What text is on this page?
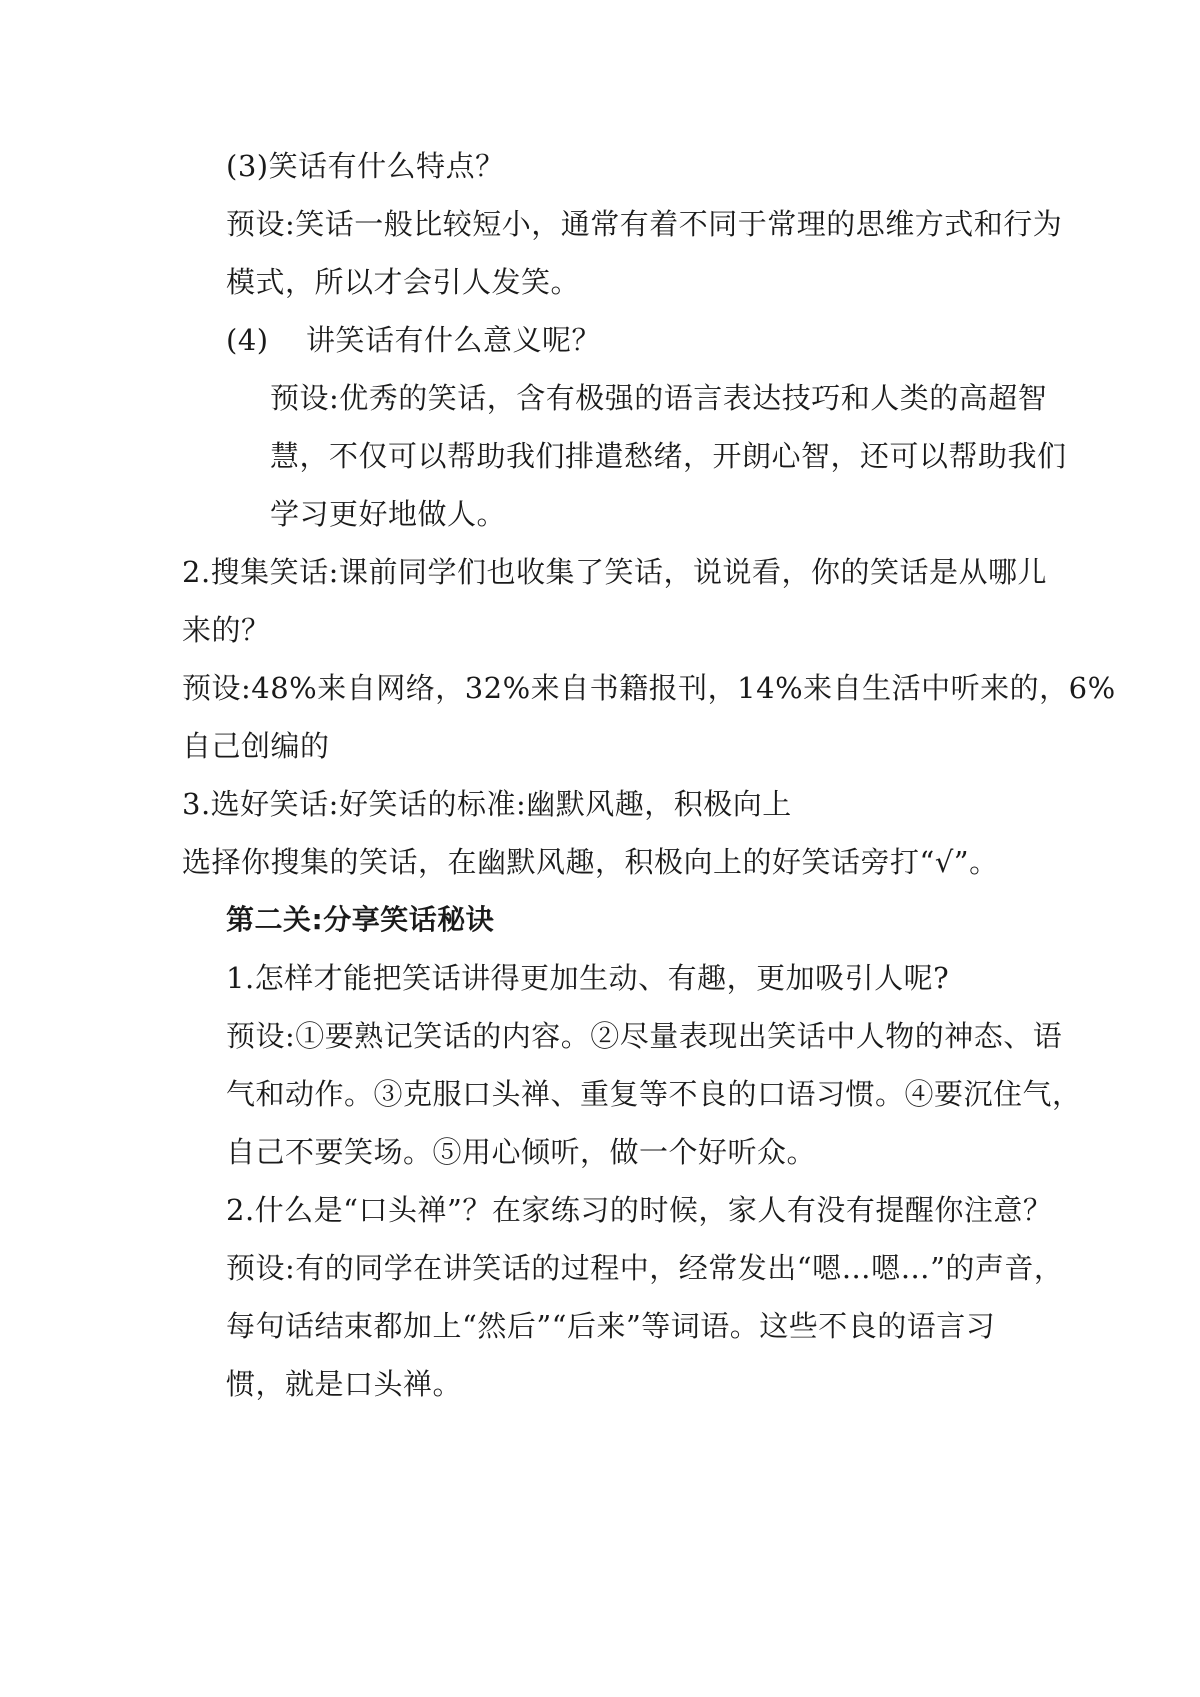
(3)笑话有什么特点？
预设:笑话一般比较短小，通常有着不同于常理的思维方式和行为
模式，所以才会引人发笑。
(4) 讲笑话有什么意义呢？
预设:优秀的笑话，含有极强的语言表达技巧和人类的高超智
慧，不仅可以帮助我们排遣愁绪，开朗心智，还可以帮助我们
学习更好地做人。
2.搜集笑话:课前同学们也收集了笑话，说说看，你的笑话是从哪儿
来的？
预设:48%来自网络，32%来自书籍报刊，14%来自生活中听来的，6%
自己创编的
3.选好笑话:好笑话的标准:幽默风趣，积极向上
选择你搜集的笑话，在幽默风趣，积极向上的好笑话旁打“√”。
第二关:分享笑话秘诀
1.怎样才能把笑话讲得更加生动、有趣，更加吸引人呢?
预设:①要熟记笑话的内容。②尽量表现出笑话中人物的神态、语
气和动作。③克服口头禅、重复等不良的口语习惯。④要沉住气，
自己不要笑场。⑤用心倾听，做一个好听众。
2.什么是“口头禅”？在家练习的时候，家人有没有提醒你注意？
预设:有的同学在讲笑话的过程中，经常发出“嗯…嗯…”的声音，
每句话结束都加上“然后”“后来”等词语。这些不良的语言习
惯，就是口头禅。
